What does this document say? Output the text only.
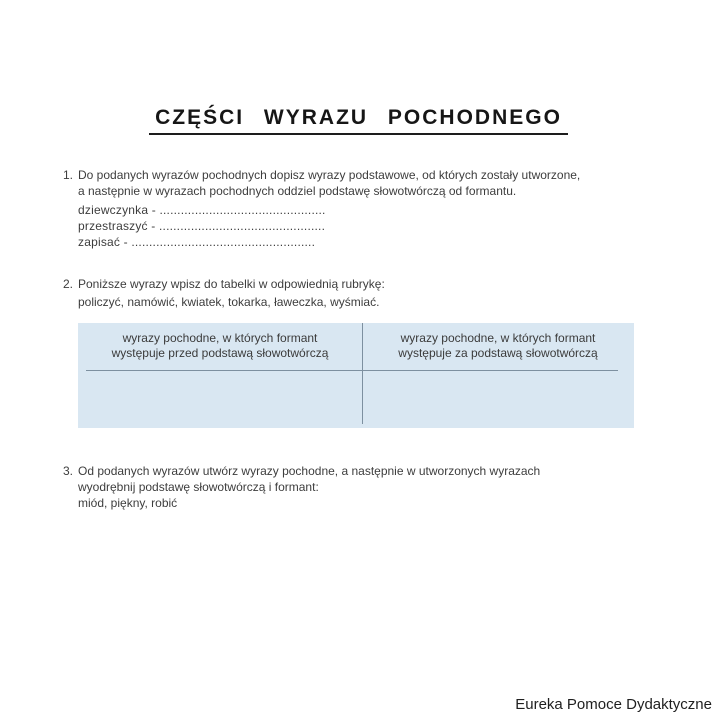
CZĘŚCI WYRAZU POCHODNEGO
1. Do podanych wyrazów pochodnych dopisz wyrazy podstawowe, od których zostały utworzone,
a następnie w wyrazach pochodnych oddziel podstawę słowotwórczą od formantu.
dziewczynka - ...............................................
przestraszyć - ...............................................
zapisać - ....................................................
2. Poniższe wyrazy wpisz do tabelki w odpowiednią rubrykę:
policzyć, namówić, kwiatek, tokarka, ławeczka, wyśmiać.
wyrazy pochodne, w których formant
występuje przed podstawą słowotwórczą
wyrazy pochodne, w których formant
występuje za podstawą słowotwórczą
3. Od podanych wyrazów utwórz wyrazy pochodne, a następnie w utworzonych wyrazach
wyodrębnij podstawę słowotwórczą i formant:
miód, piękny, robić
Eureka Pomoce Dydaktyczne
